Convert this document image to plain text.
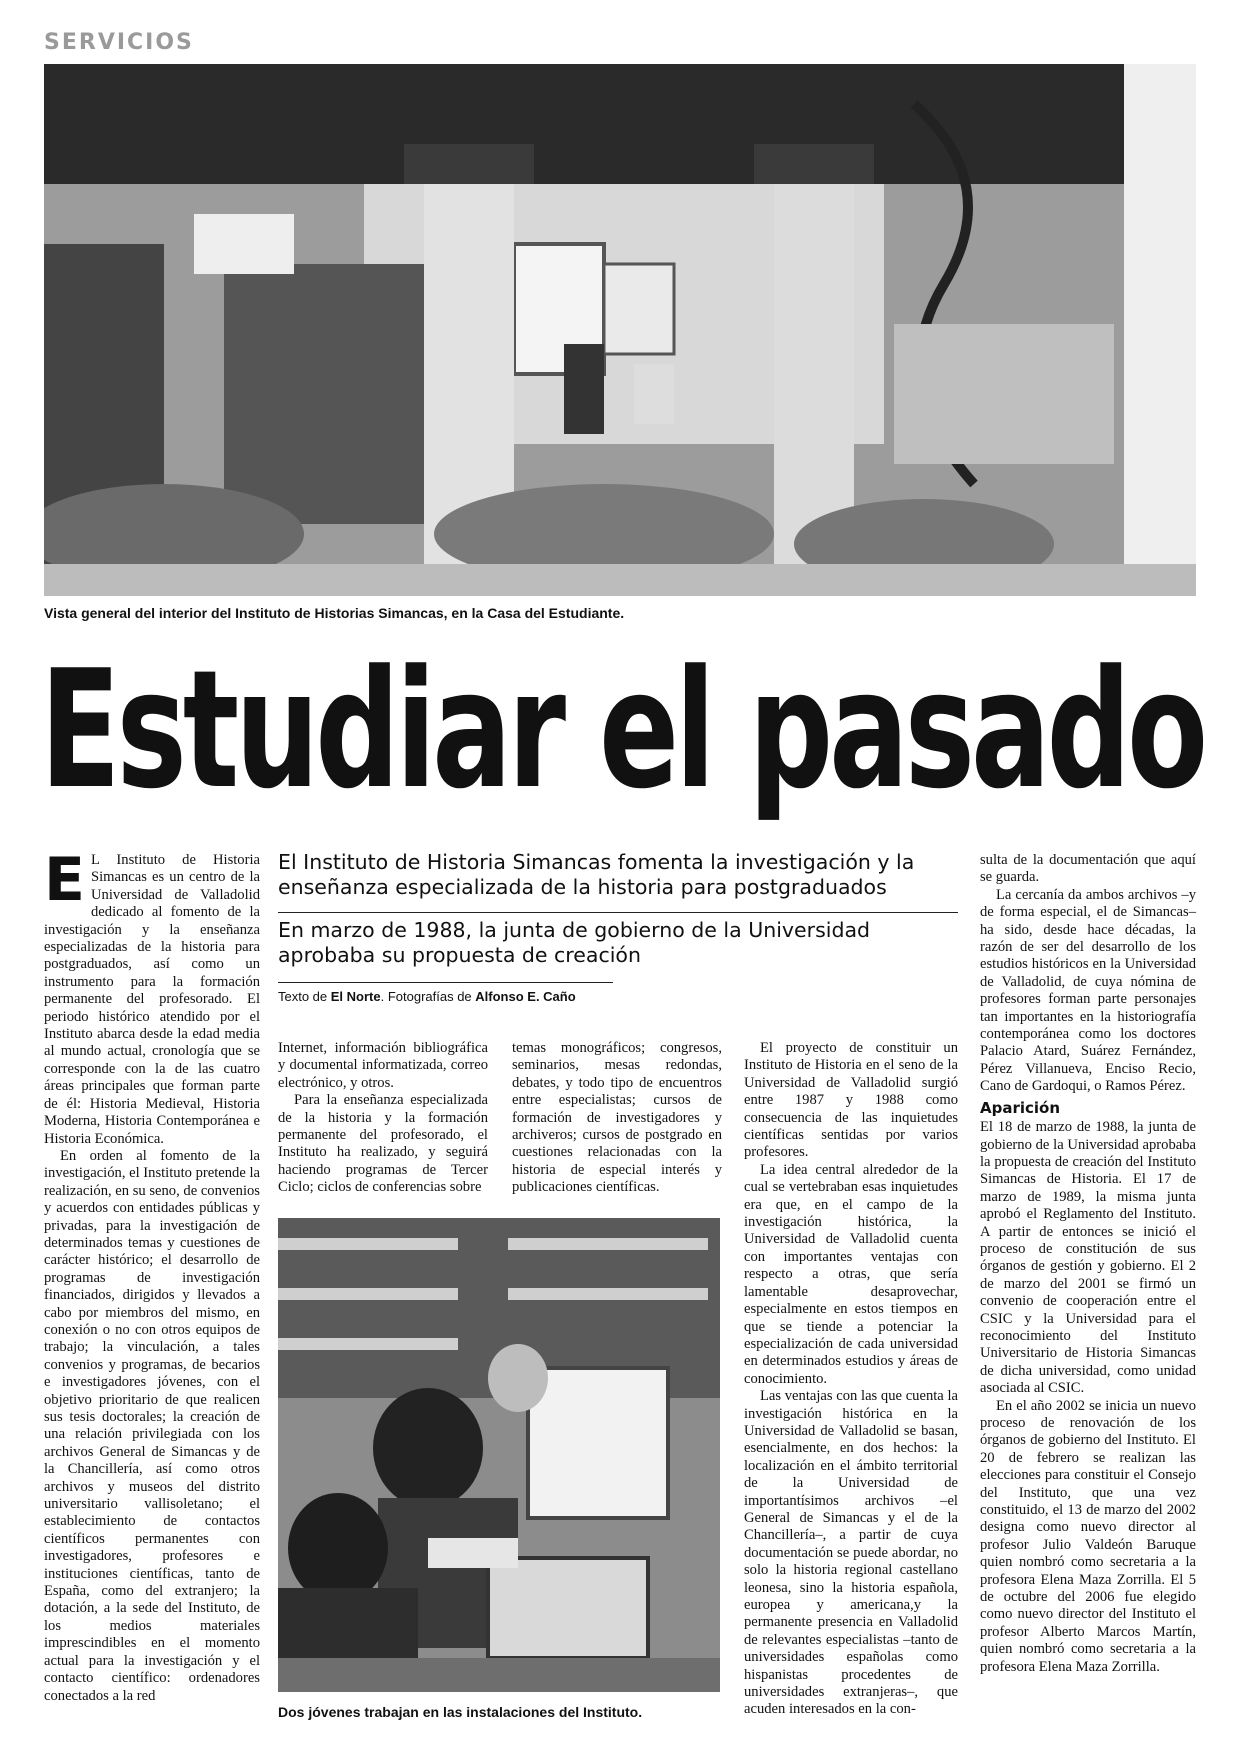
SERVICIOS
Vista general del interior del Instituto de Historias Simancas, en la Casa del Estudiante.
Estudiar el pasado
E L Instituto de Historia Simancas es un centro de la Universidad de Valladolid dedicado al fomento de la investigación y la enseñanza especializadas de la historia para postgraduados, así como un instrumento para la formación permanente del profesorado. El periodo histórico atendido por el Instituto abarca desde la edad media al mundo actual, cronología que se corresponde con la de las cuatro áreas principales que forman parte de él: Historia Medieval, Historia Moderna, Historia Contemporánea e Historia Económica.

En orden al fomento de la investigación, el Instituto pretende la realización, en su seno, de convenios y acuerdos con entidades públicas y privadas, para la investigación de determinados temas y cuestiones de carácter histórico; el desarrollo de programas de investigación financiados, dirigidos y llevados a cabo por miembros del mismo, en conexión o no con otros equipos de trabajo; la vinculación, a tales convenios y programas, de becarios e investigadores jóvenes, con el objetivo prioritario de que realicen sus tesis doctorales; la creación de una relación privilegiada con los archivos General de Simancas y de la Chancillería, así como otros archivos y museos del distrito universitario vallisoletano; el establecimiento de contactos científicos permanentes con investigadores, profesores e instituciones científicas, tanto de España, como del extranjero; la dotación, a la sede del Instituto, de los medios materiales imprescindibles en el momento actual para la investigación y el contacto científico: ordenadores conectados a la red

El Instituto de Historia Simancas fomenta la investigación y la enseñanza especializada de la historia para postgraduados
En marzo de 1988, la junta de gobierno de la Universidad aprobaba su propuesta de creación
Texto de El Norte. Fotografías de Alfonso E. Caño

Internet, información bibliográfica y documental informatizada, correo electrónico, y otros.

Para la enseñanza especializada de la historia y la formación permanente del profesorado, el Instituto ha realizado, y seguirá haciendo programas de Tercer Ciclo; ciclos de conferencias sobre

temas monográficos; congresos, seminarios, mesas redondas, debates, y todo tipo de encuentros entre especialistas; cursos de formación de investigadores y archiveros; cursos de postgrado en cuestiones relacionadas con la historia de especial interés y publicaciones científicas.

Dos jóvenes trabajan en las instalaciones del Instituto.

El proyecto de constituir un Instituto de Historia en el seno de la Universidad de Valladolid surgió entre 1987 y 1988 como consecuencia de las inquietudes científicas sentidas por varios profesores.

La idea central alrededor de la cual se vertebraban esas inquietudes era que, en el campo de la investigación histórica, la Universidad de Valladolid cuenta con importantes ventajas con respecto a otras, que sería lamentable desaprovechar, especialmente en estos tiempos en que se tiende a potenciar la especialización de cada universidad en determinados estudios y áreas de conocimiento.

Las ventajas con las que cuenta la investigación histórica en la Universidad de Valladolid se basan, esencialmente, en dos hechos: la localización en el ámbito territorial de la Universidad de importantísimos archivos –el General de Simancas y el de la Chancillería–, a partir de cuya documentación se puede abordar, no solo la historia regional castellano leonesa, sino la historia española, europea y americana,y la permanente presencia en Valladolid de relevantes especialistas –tanto de universidades españolas como hispanistas procedentes de universidades extranjeras–, que acuden interesados en la con-

sulta de la documentación que aquí se guarda.

La cercanía da ambos archivos –y de forma especial, el de Simancas– ha sido, desde hace décadas, la razón de ser del desarrollo de los estudios históricos en la Universidad de Valladolid, de cuya nómina de profesores forman parte personajes tan importantes en la historiografía contemporánea como los doctores Palacio Atard, Suárez Fernández, Pérez Villanueva, Enciso Recio, Cano de Gardoqui, o Ramos Pérez.

Aparición

El 18 de marzo de 1988, la junta de gobierno de la Universidad aprobaba la propuesta de creación del Instituto Simancas de Historia. El 17 de marzo de 1989, la misma junta aprobó el Reglamento del Instituto. A partir de entonces se inició el proceso de constitución de sus órganos de gestión y gobierno. El 2 de marzo del 2001 se firmó un convenio de cooperación entre el CSIC y la Universidad para el reconocimiento del Instituto Universitario de Historia Simancas de dicha universidad, como unidad asociada al CSIC.

En el año 2002 se inicia un nuevo proceso de renovación de los órganos de gobierno del Instituto. El 20 de febrero se realizan las elecciones para constituir el Consejo del Instituto, que una vez constituido, el 13 de marzo del 2002 designa como nuevo director al profesor Julio Valdeón Baruque quien nombró como secretaria a la profesora Elena Maza Zorrilla. El 5 de octubre del 2006 fue elegido como nuevo director del Instituto el profesor Alberto Marcos Martín, quien nombró como secretaria a la profesora Elena Maza Zorrilla.
